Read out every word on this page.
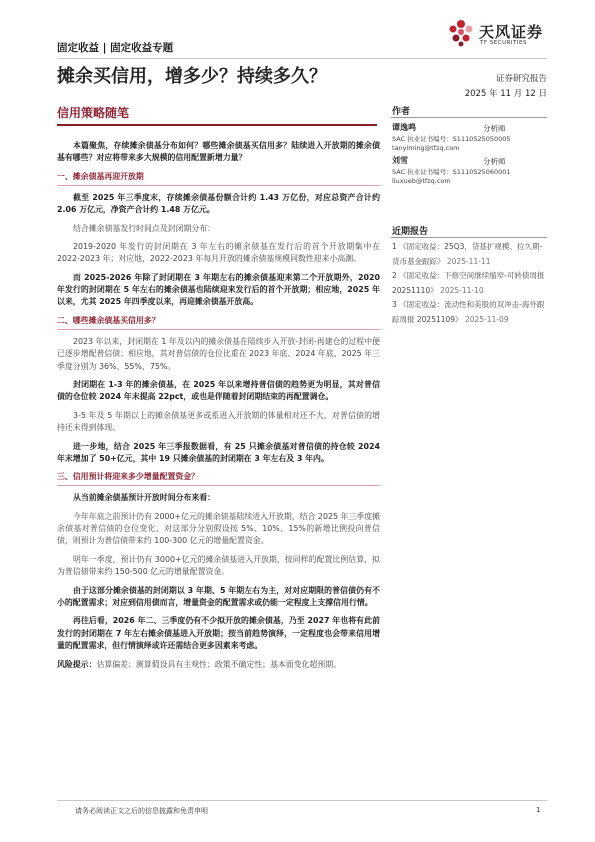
固定收益 | 固定收益专题
天风证券
TF SECURITIES
摊余买信用，增多少？持续多久？	证券研究报告
2025 年 11 月 12 日
信用策略随笔	作者
谭逸鸣	分析师
SAC 执业证书编号：S1110525050005
tanyiming@tfzq.com
刘雪	分析师
SAC 执业证书编号：S1110525060001
liuxueb@tfzq.com
近期报告
1 《固定收益：25Q3，货基扩规模、拉久期-货币基金跟踪》 2025-11-11
2 《固定收益：下修空间继续缩窄-可转债周报 20251110》 2025-11-10
3 《固定收益：流动性和美股的双冲击-海外跟踪周报 20251109》 2025-11-09
本篇聚焦，存续摊余债基分布如何？哪些摊余债基买信用多？陆续进入开放期的摊余债基有哪些？对应将带来多大规模的信用配置新增力量？
一、摊余债基再迎开放期
截至 2025 年三季度末，存续摊余债基份额合计约 1.43 万亿份，对应总资产合计约 2.06 万亿元，净资产合计约 1.48 万亿元。
结合摊余债基发行时间点及封闭期分布：
2019-2020 年发行的封闭期在 3 年左右的摊余债基在发行后的首个开放期集中在 2022-2023 年；对应地，2022-2023 年每月开放的摊余债基规模同数性迎来小高潮。
而 2025-2026 年除了封闭期在 3 年期左右的摊余债基迎来第二个开放期外，2020 年发行的封闭期在 5 年左右的摊余债基也陆续迎来发行后的首个开放期；相应地，2025 年以来，尤其 2025 年四季度以来，再迎摊余债基开放高。
二、哪些摊余债基买信用多？
2023 年以来，封闭期在 1 年及以内的摊余债基在陆续步入开放-封闭-再建仓的过程中便已逐步增配普信债；相应地，其对普信债的仓位比重在 2023 年底、2024 年底、2025 年三季度分别为 36%、55%、75%。
封闭期在 1-3 年的摊余债基，在 2025 年以来增持普信债的趋势更为明显，其对普信债的仓位较 2024 年末提高 22pct，或也是伴随着封闭期结束的再配置调仓。
3-5 年及 5 年期以上的摊余债基更多或系进入开放期的体量相对还不大，对普信债的增持还未得到体现。
进一步地，结合 2025 年三季报数据看，有 25 只摊余债基对普信债的持仓较 2024 年末增加了 50+亿元，其中 19 只摊余债基的封闭期在 3 年左右及 3 年内。
三、信用预计将迎来多少增量配置资金？
从当前摊余债基预计开放时间分布来看：
今年年底之前预计仍有 2000+亿元的摊余债基陆续进入开放期，结合 2025 年三季度摊余债基对普信债的仓位变化，对这部分分别假设按 5%、10%、15%的新增比例投向普信债，则预计为普信债带来约 100-300 亿元的增量配置资金。
明年一季度，预计仍有 3000+亿元的摊余债基进入开放期，按同样的配置比例估算，拟为普信债带来约 150-500 亿元的增量配置资金。
由于这部分摊余债基的封闭期以 3 年期、5 年期左右为主，对对应期限的普信债仍有不小的配置需求；对应到信用债而言，增量资金的配置需求或仍能一定程度上支撑信用行情。
再往后看，2026 年二、三季度仍有不少拟开放的摊余债基，乃至 2027 年也将有此前发行的封闭期在 7 年左右摊余债基进入开放期；按当前趋势演绎，一定程度也会带来信用增量的配置需求，但行情演绎或许还需结合更多因素来考虑。
风险提示：估算偏差；测算假设具有主观性；政策不确定性；基本面变化超预期。
请务必阅读正文之后的信息披露和免责申明	1
